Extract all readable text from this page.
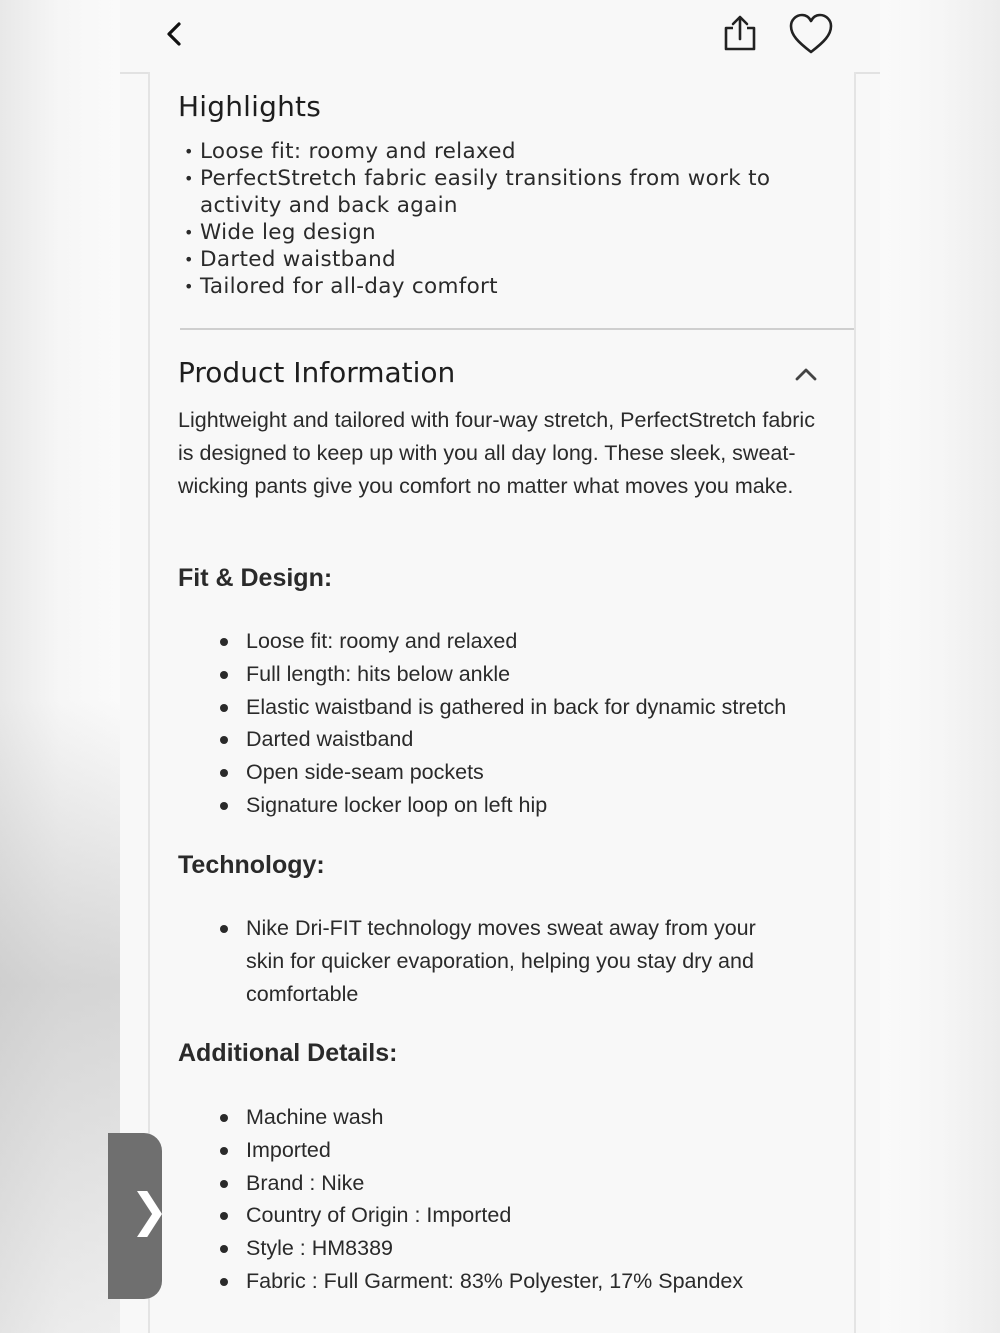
Highlights
• Loose fit: roomy and relaxed
• PerfectStretch fabric easily transitions from work to activity and back again
• Wide leg design
• Darted waistband
• Tailored for all-day comfort
Product Information

Lightweight and tailored with four-way stretch, PerfectStretch fabric is designed to keep up with you all day long. These sleek, sweat-wicking pants give you comfort no matter what moves you make.

Fit & Design:
Loose fit: roomy and relaxed
Full length: hits below ankle
Elastic waistband is gathered in back for dynamic stretch
Darted waistband
Open side-seam pockets
Signature locker loop on left hip
Technology:
Nike Dri-FIT technology moves sweat away from your skin for quicker evaporation, helping you stay dry and comfortable
Additional Details:
Machine wash
Imported
Brand : Nike
Country of Origin : Imported
Style : HM8389
Fabric : Full Garment: 83% Polyester, 17% Spandex
❯
